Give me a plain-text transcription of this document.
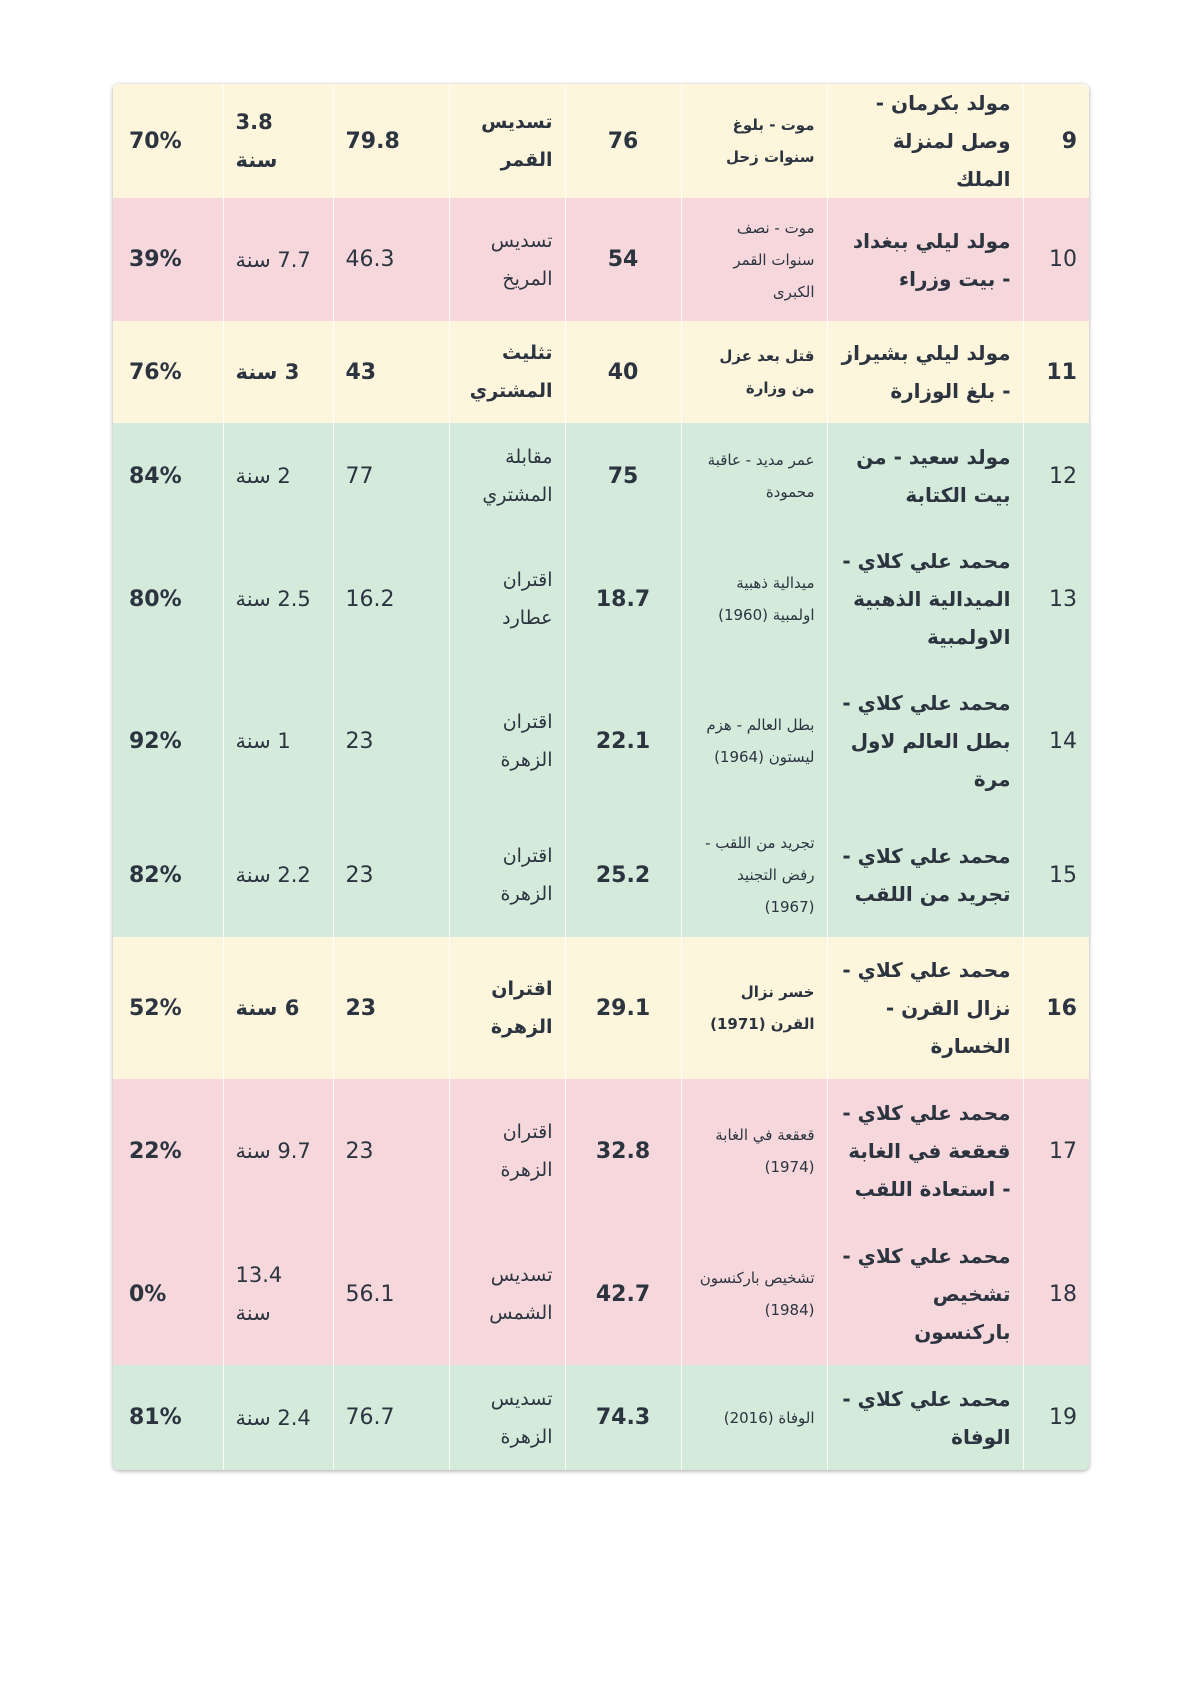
9	مولد بكرمان - وصل لمنزلة الملك	موت - بلوغ سنوات زحل	76	تسديس القمر	79.8	3.8 سنة	70%
10	مولد ليلي ببغداد - بيت وزراء	موت - نصف سنوات القمر الكبرى	54	تسديس المريخ	46.3	7.7 سنة	39%
11	مولد ليلي بشيراز - بلغ الوزارة	قتل بعد عزل من وزارة	40	تثليث المشتري	43	3 سنة	76%
12	مولد سعيد - من بيت الكتابة	عمر مديد - عاقبة محمودة	75	مقابلة المشتري	77	2 سنة	84%
13	محمد علي كلاي - الميدالية الذهبية الاولمبية	ميدالية ذهبية اولمبية (1960)	18.7	اقتران عطارد	16.2	2.5 سنة	80%
14	محمد علي كلاي - بطل العالم لاول مرة	بطل العالم - هزم ليستون (1964)	22.1	اقتران الزهرة	23	1 سنة	92%
15	محمد علي كلاي - تجريد من اللقب	تجريد من اللقب - رفض التجنيد (1967)	25.2	اقتران الزهرة	23	2.2 سنة	82%
16	محمد علي كلاي - نزال القرن - الخسارة	خسر نزال القرن (1971)	29.1	اقتران الزهرة	23	6 سنة	52%
17	محمد علي كلاي - قعقعة في الغابة - استعادة اللقب	قعقعة في الغابة (1974)	32.8	اقتران الزهرة	23	9.7 سنة	22%
18	محمد علي كلاي - تشخيص باركنسون	تشخيص باركنسون (1984)	42.7	تسديس الشمس	56.1	13.4 سنة	0%
19	محمد علي كلاي - الوفاة	الوفاة (2016)	74.3	تسديس الزهرة	76.7	2.4 سنة	81%
